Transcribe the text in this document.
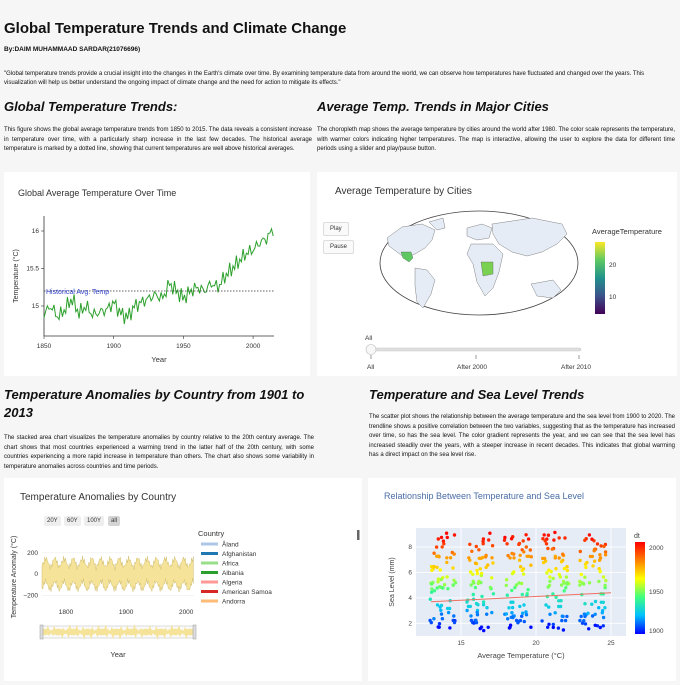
Global Temperature Trends and Climate Change
By:DAIM MUHAMMAAD SARDAR(21076696)

"Global temperature trends provide a crucial insight into the changes in the Earth's climate over time. By examining temperature data from around the world, we can observe how temperatures have fluctuated and changed over the years. This visualization will help us better understand the ongoing impact of climate change and the need for action to mitigate its effects."

Global Temperature Trends:

This figure shows the global average temperature trends from 1850 to 2015. The data reveals a consistent increase in temperature over time, with a particularly sharp increase in the last few decades. The historical average temperature is marked by a dotted line, showing that current temperatures are well above historical averages.

Average Temp. Trends in Major Cities

The choropleth map shows the average temperature by cities around the world after 1980. The color scale represents the temperature, with warmer colors indicating higher temperatures. The map is interactive, allowing the user to explore the data for different time periods using a slider and play/pause button.

Global Average Temperature Over Time
1850	1900	1950	2000
15
15.5
16
Year
Temperature (°C)	Historical Avg. Temp
Average Temperature by Cities
Play
Pause
AverageTemperature
20
10
All
All	After 2000	After 2010
Temperature Anomalies by Country from 1901 to 2013

The stacked area chart visualizes the temperature anomalies by country relative to the 20th century average. The chart shows that most countries experienced a warming trend in the latter half of the 20th century, with some countries experiencing a more rapid increase in temperature than others. The chart also shows some variability in temperature anomalies across countries and time periods.

Temperature and Sea Level Trends

The scatter plot shows the relationship between the average temperature and the sea level from 1900 to 2020. The trendline shows a positive correlation between the two variables, suggesting that as the temperature has increased over time, so has the sea level. The color gradient represents the year, and we can see that the sea level has increased steadily over the years, with a steeper increase in recent decades. This indicates that global warming has a direct impact on the sea level rise.

Temperature Anomalies by Country
20Y	60Y	100Y	all
200
0
−200
1800	1900	2000
Temperature Anomaly (°C)
Year
Country
Åland
Afghanistan
Africa
Albania
Algeria
American Samoa
Andorra
Relationship Between Temperature and Sea Level
15	20	25
2
4
6
8
Average Temperature (°C)
Sea Level (mm)
dt
2000
1950
1900
